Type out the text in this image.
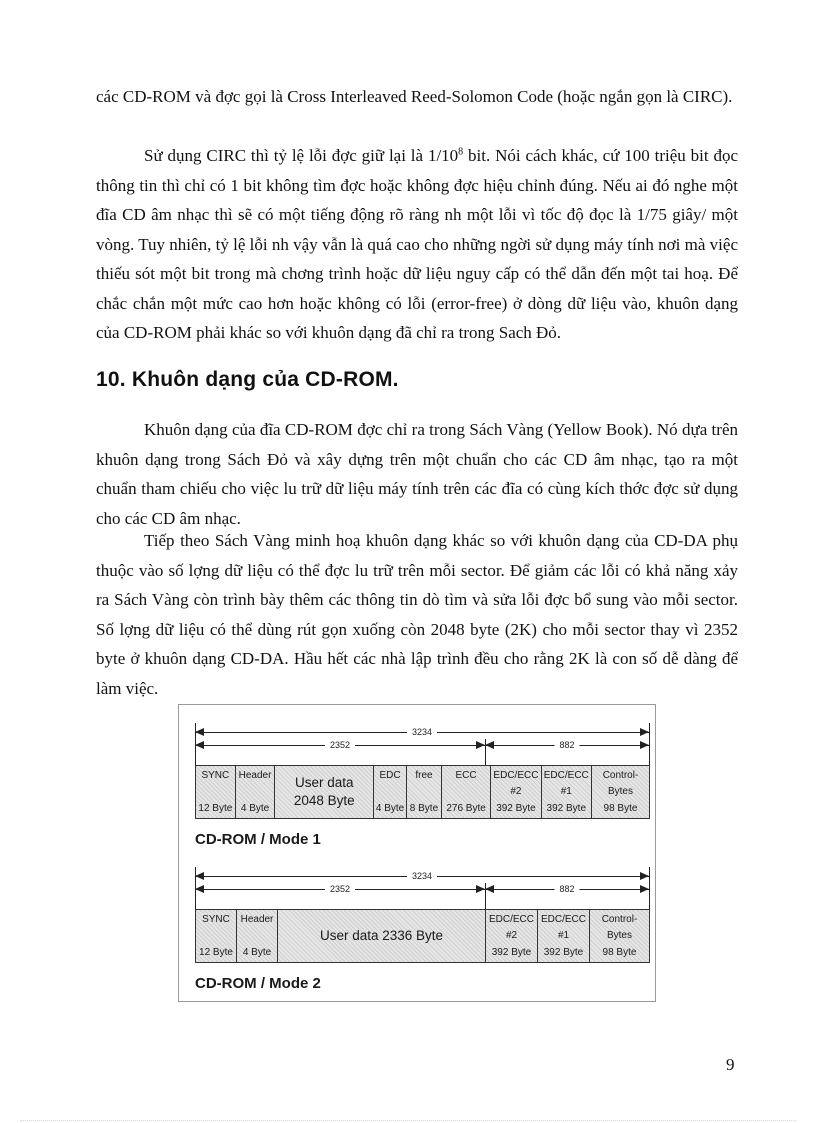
các CD-ROM và đợc gọi là Cross Interleaved Reed-Solomon Code (hoặc ngắn gọn là CIRC).

Sử dụng CIRC thì tỷ lệ lỗi đợc giữ lại là $1/10^8$ bit. Nói cách khác, cứ 100 triệu bit đọc thông tin thì chỉ có 1 bit không tìm đợc hoặc không đợc hiệu chỉnh đúng. Nếu ai đó nghe một đĩa CD âm nhạc thì sẽ có một tiếng động rõ ràng nh một lỗi vì tốc độ đọc là 1/75 giây/ một vòng. Tuy nhiên, tỷ lệ lỗi nh vậy vẫn là quá cao cho những ngời sử dụng máy tính nơi mà việc thiếu sót một bit trong mà chơng trình hoặc dữ liệu nguy cấp có thể dẫn đến một tai hoạ. Để chắc chắn một mức cao hơn hoặc không có lỗi (error-free) ở dòng dữ liệu vào, khuôn dạng của CD-ROM phải khác so với khuôn dạng đã chỉ ra trong Sach Đỏ.

10. Khuôn dạng của CD-ROM.

Khuôn dạng của đĩa CD-ROM đợc chỉ ra trong Sách Vàng (Yellow Book). Nó dựa trên khuôn dạng trong Sách Đỏ và xây dựng trên một chuẩn cho các CD âm nhạc, tạo ra một chuẩn tham chiếu cho việc lu trữ dữ liệu máy tính trên các đĩa có cùng kích thớc đợc sử dụng cho các CD âm nhạc.

Tiếp theo Sách Vàng minh hoạ khuôn dạng khác so với khuôn dạng của CD-DA phụ thuộc vào số lợng dữ liệu có thể đợc lu trữ trên mỗi sector. Để giảm các lỗi có khả năng xảy ra Sách Vàng còn trình bày thêm các thông tin dò tìm và sửa lỗi đợc bổ sung vào mỗi sector. Số lợng dữ liệu có thể dùng rút gọn xuống còn 2048 byte (2K) cho mỗi sector thay vì 2352 byte ở khuôn dạng CD-DA. Hầu hết các nhà lập trình đều cho rằng 2K là con số dễ dàng để làm việc.

3234
2352	882
SYNC
12 Byte
Header
4 Byte
User data 2048 Byte
EDC
4 Byte
free
8 Byte
ECC
276 Byte
EDC/ECC
#2
392 Byte
EDC/ECC
#1
392 Byte
Control-
Bytes
98 Byte
CD-ROM / Mode 1
3234
2352	882
SYNC
12 Byte
Header
4 Byte
User data 2336 Byte
EDC/ECC
#2
392 Byte
EDC/ECC
#1
392 Byte
Control-
Bytes
98 Byte
CD-ROM / Mode 2
9
